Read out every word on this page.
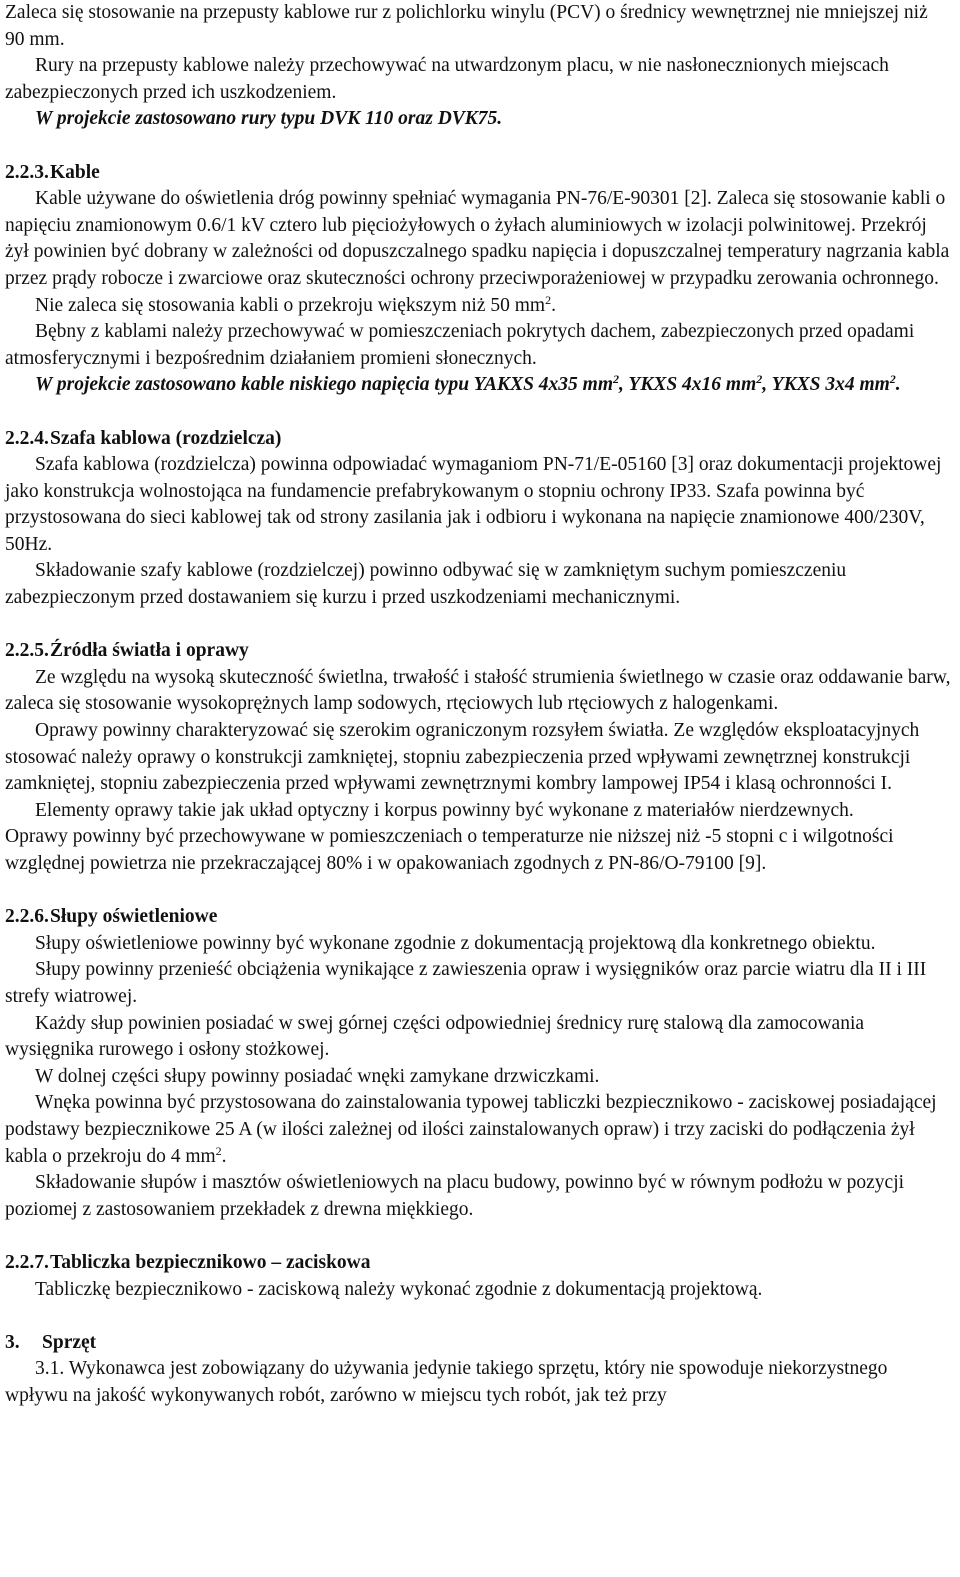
Zaleca się stosowanie na przepusty kablowe rur z polichlorku winylu (PCV) o średnicy wewnętrznej nie mniejszej niż 90 mm.

Rury na przepusty kablowe należy przechowywać na utwardzonym placu, w nie nasłonecznionych miejscach zabezpieczonych przed ich uszkodzeniem.

W projekcie zastosowano rury typu DVK 110 oraz DVK75.

2.2.3.Kable

Kable używane do oświetlenia dróg powinny spełniać wymagania PN-76/E-90301 [2]. Zaleca się stosowanie kabli o napięciu znamionowym 0.6/1 kV cztero lub pięciożyłowych o żyłach aluminiowych w izolacji polwinitowej. Przekrój żył powinien być dobrany w zależności od dopuszczalnego spadku napięcia i dopuszczalnej temperatury nagrzania kabla przez prądy robocze i zwarciowe oraz skuteczności ochrony przeciwporażeniowej w przypadku zerowania ochronnego.

Nie zaleca się stosowania kabli o przekroju większym niż 50 $mm^2$.

Bębny z kablami należy przechowywać w pomieszczeniach pokrytych dachem, zabezpieczonych przed opadami atmosferycznymi i bezpośrednim działaniem promieni słonecznych.

W projekcie zastosowano kable niskiego napięcia typu YAKXS 4x35 $mm^2$, YKXS 4x16 $mm^2$, YKXS 3x4 $mm^2$.

2.2.4.Szafa kablowa (rozdzielcza)

Szafa kablowa (rozdzielcza) powinna odpowiadać wymaganiom PN-71/E-05160 [3] oraz dokumentacji projektowej jako konstrukcja wolnostojąca na fundamencie prefabrykowanym o stopniu ochrony IP33. Szafa powinna być przystosowana do sieci kablowej tak od strony zasilania jak i odbioru i wykonana na napięcie znamionowe 400/230V, 50Hz.

Składowanie szafy kablowe (rozdzielczej) powinno odbywać się w zamkniętym suchym pomieszczeniu zabezpieczonym przed dostawaniem się kurzu i przed uszkodzeniami mechanicznymi.

2.2.5.Źródła światła i oprawy

Ze względu na wysoką skuteczność świetlna, trwałość i stałość strumienia świetlnego w czasie oraz oddawanie barw, zaleca się stosowanie wysokoprężnych lamp sodowych, rtęciowych lub rtęciowych z halogenkami.

Oprawy powinny charakteryzować się szerokim ograniczonym rozsyłem światła. Ze względów eksploatacyjnych stosować należy oprawy o konstrukcji zamkniętej, stopniu zabezpieczenia przed wpływami zewnętrznej konstrukcji zamkniętej, stopniu zabezpieczenia przed wpływami zewnętrznymi kombry lampowej IP54 i klasą ochronności I.

Elementy oprawy takie jak układ optyczny i korpus powinny być wykonane z materiałów nierdzewnych.

Oprawy powinny być przechowywane w pomieszczeniach o temperaturze nie niższej niż -5 stopni c i wilgotności względnej powietrza nie przekraczającej 80% i w opakowaniach zgodnych z PN-86/O-79100 [9].

2.2.6.Słupy oświetleniowe

Słupy oświetleniowe powinny być wykonane zgodnie z dokumentacją projektową dla konkretnego obiektu.

Słupy powinny przenieść obciążenia wynikające z zawieszenia opraw i wysięgników oraz parcie wiatru dla II i III strefy wiatrowej.

Każdy słup powinien posiadać w swej górnej części odpowiedniej średnicy rurę stalową dla zamocowania wysięgnika rurowego i osłony stożkowej.

W dolnej części słupy powinny posiadać wnęki zamykane drzwiczkami.

Wnęka powinna być przystosowana do zainstalowania typowej tabliczki bezpiecznikowo - zaciskowej posiadającej podstawy bezpiecznikowe 25 A (w ilości zależnej od ilości zainstalowanych opraw) i trzy zaciski do podłączenia żył kabla o przekroju do 4 $mm^2$.

Składowanie słupów i masztów oświetleniowych na placu budowy, powinno być w równym podłożu w pozycji poziomej z zastosowaniem przekładek z drewna miękkiego.

2.2.7.Tabliczka bezpiecznikowo – zaciskowa

Tabliczkę bezpiecznikowo - zaciskową należy wykonać zgodnie z dokumentacją projektową.

3. Sprzęt

3.1. Wykonawca jest zobowiązany do używania jedynie takiego sprzętu, który nie spowoduje niekorzystnego wpływu na jakość wykonywanych robót, zarówno w miejscu tych robót, jak też przy
